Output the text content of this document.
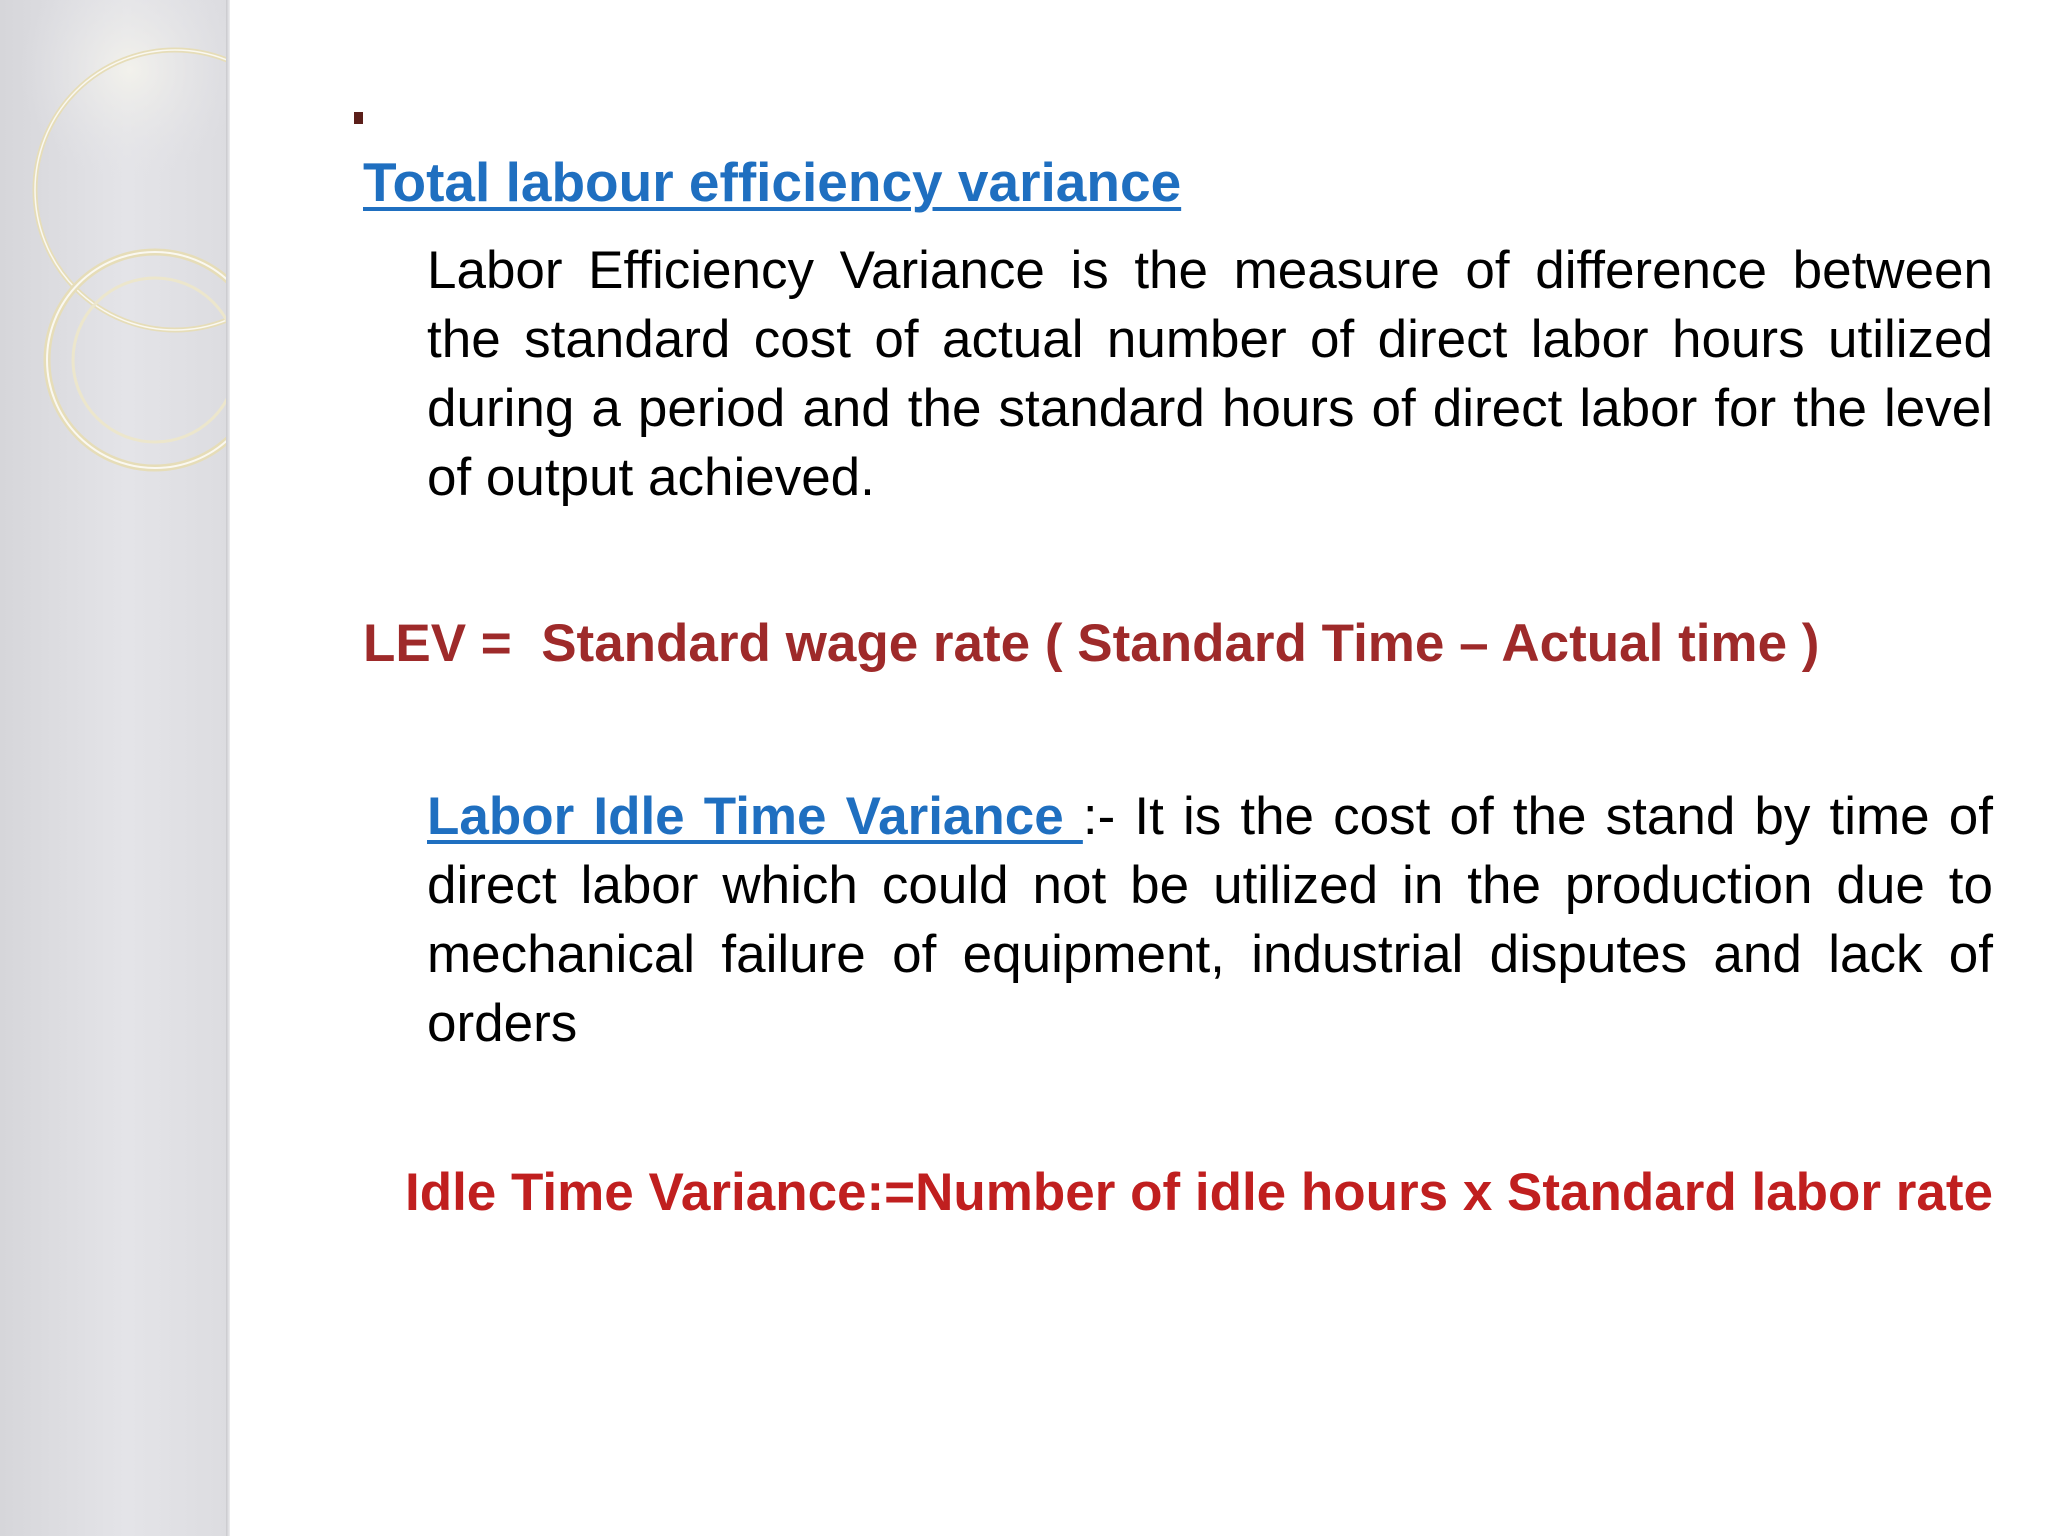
Total labour efficiency variance

Labor Efficiency Variance is the measure of difference between the standard cost of actual number of direct labor hours utilized during a period and the standard hours of direct labor for the level of output achieved.

LEV =  Standard wage rate ( Standard Time – Actual time )

Labor Idle Time Variance :- It is the cost of the stand by time of direct labor which could not be utilized in the production due to mechanical failure of equipment, industrial disputes and lack of orders

Idle Time Variance:=Number of idle hours x Standard labor rate
